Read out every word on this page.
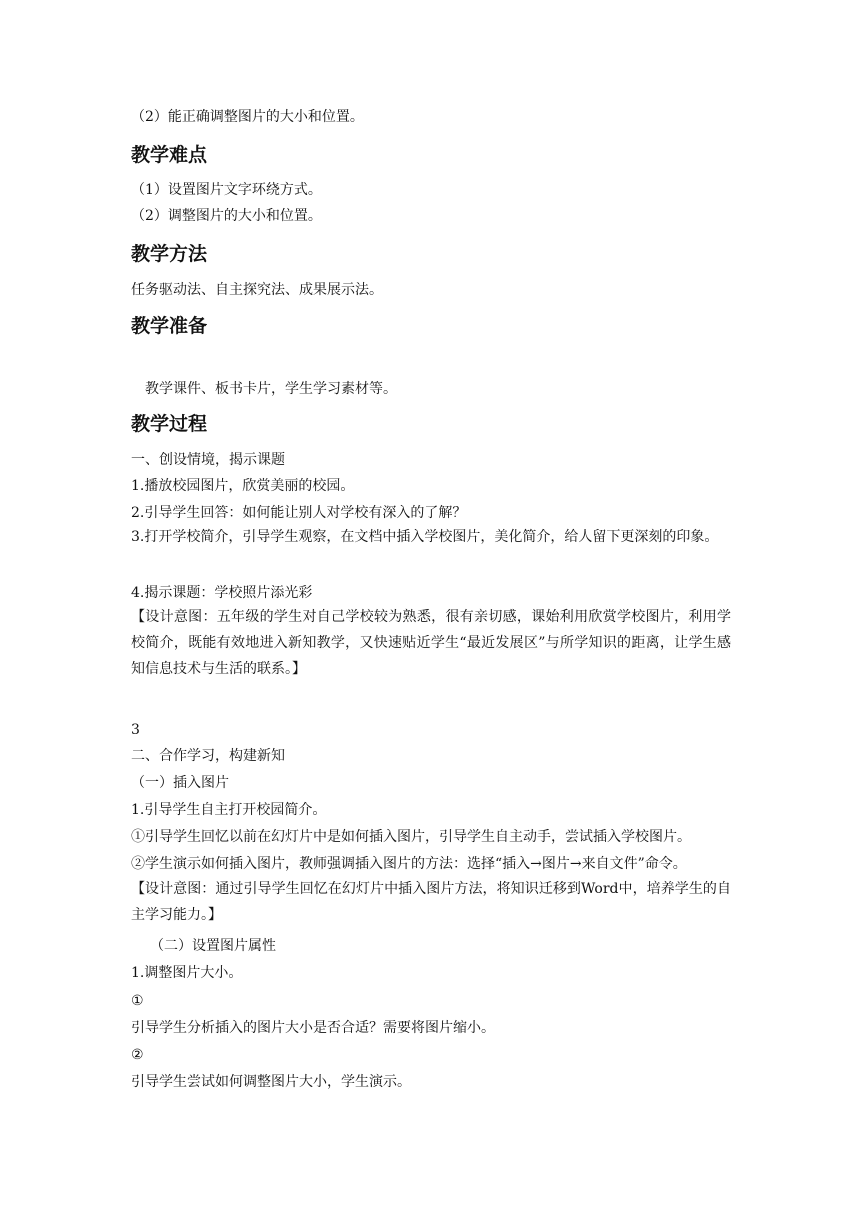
（2）能正确调整图片的大小和位置。
教学难点
（1）设置图片文字环绕方式。
（2）调整图片的大小和位置。
教学方法
任务驱动法、自主探究法、成果展示法。
教学准备
教学课件、板书卡片，学生学习素材等。
教学过程
一、创设情境，揭示课题
1.播放校园图片，欣赏美丽的校园。
2.引导学生回答：如何能让别人对学校有深入的了解？
3.打开学校简介，引导学生观察，在文档中插入学校图片，美化简介，给人留下更深刻的印象。
4.揭示课题：学校照片添光彩
【设计意图：五年级的学生对自己学校较为熟悉，很有亲切感，课始利用欣赏学校图片，利用学校简介，既能有效地进入新知教学，又快速贴近学生“最近发展区”与所学知识的距离，让学生感知信息技术与生活的联系。】
3
二、合作学习，构建新知
（一）插入图片
1.引导学生自主打开校园简介。
①引导学生回忆以前在幻灯片中是如何插入图片，引导学生自主动手，尝试插入学校图片。
②学生演示如何插入图片，教师强调插入图片的方法：选择“插入→图片→来自文件”命令。
【设计意图：通过引导学生回忆在幻灯片中插入图片方法，将知识迁移到Word中，培养学生的自主学习能力。】
（二）设置图片属性
1.调整图片大小。
①
引导学生分析插入的图片大小是否合适？需要将图片缩小。
②
引导学生尝试如何调整图片大小，学生演示。
